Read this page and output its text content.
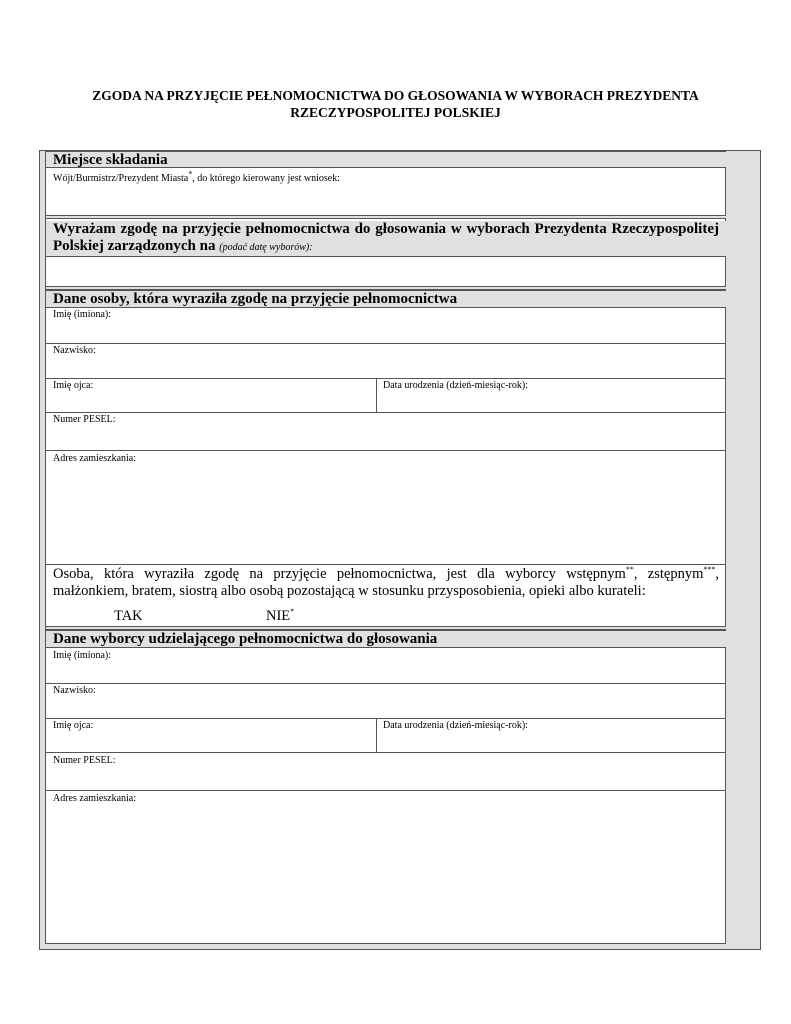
ZGODA NA PRZYJĘCIE PEŁNOMOCNICTWA DO GŁOSOWANIA W WYBORACH PREZYDENTA
RZECZYPOSPOLITEJ POLSKIEJ
Miejsce składania
Wójt/Burmistrz/Prezydent Miasta*, do którego kierowany jest wniosek:
Wyrażam zgodę na przyjęcie pełnomocnictwa do głosowania w wyborach Prezydenta Rzeczypospolitej Polskiej zarządzonych na (podać datę wyborów):
Dane osoby, która wyraziła zgodę na przyjęcie pełnomocnictwa
Imię (imiona):
Nazwisko:
Imię ojca:	Data urodzenia (dzień-miesiąc-rok):
Numer PESEL:
Adres zamieszkania:
Osoba, która wyraziła zgodę na przyjęcie pełnomocnictwa, jest dla wyborcy wstępnym**, zstępnym***, małżonkiem, bratem, siostrą albo osobą pozostającą w stosunku przysposobienia, opieki albo kurateli:
TAK	NIE*
Dane wyborcy udzielającego pełnomocnictwa do głosowania
Imię (imiona):
Nazwisko:
Imię ojca:	Data urodzenia (dzień-miesiąc-rok):
Numer PESEL:
Adres zamieszkania:
